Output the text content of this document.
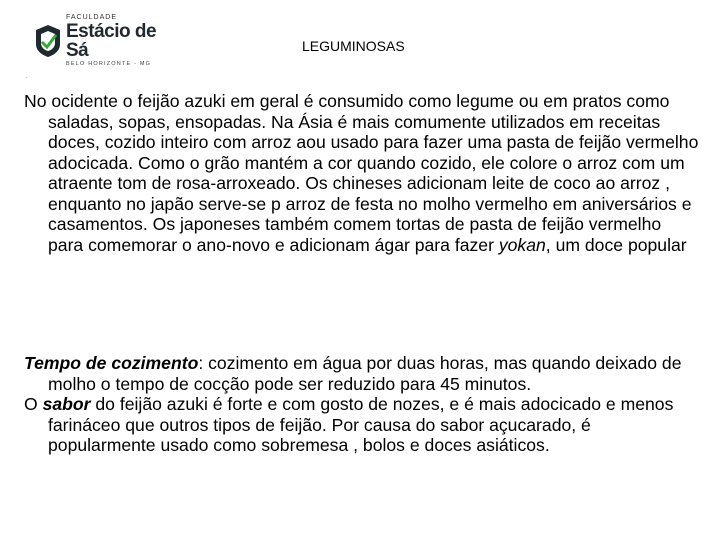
FACULDADE
Estácio de Sá
BELO HORIZONTE - MG
LEGUMINOSAS
.

No ocidente o feijão azuki em geral é consumido como legume ou em pratos como saladas, sopas, ensopadas. Na Ásia é mais comumente utilizados em receitas doces, cozido inteiro com arroz aou usado para fazer uma pasta de feijão vermelho adocicada. Como o grão mantém a cor quando cozido, ele colore o arroz com um atraente tom de rosa-arroxeado. Os chineses adicionam leite de coco ao arroz , enquanto no japão serve-se p arroz de festa no molho vermelho em aniversários e casamentos. Os japoneses também comem tortas de pasta de feijão vermelho para comemorar o ano-novo e adicionam ágar para fazer yokan, um doce popular

Tempo de cozimento: cozimento em água por duas horas, mas quando deixado de molho o tempo de cocção pode ser reduzido para 45 minutos.

O sabor do feijão azuki é forte e com gosto de nozes, e é mais adocicado e menos farináceo que outros tipos de feijão. Por causa do sabor açucarado, é popularmente usado como sobremesa , bolos e doces asiáticos.
